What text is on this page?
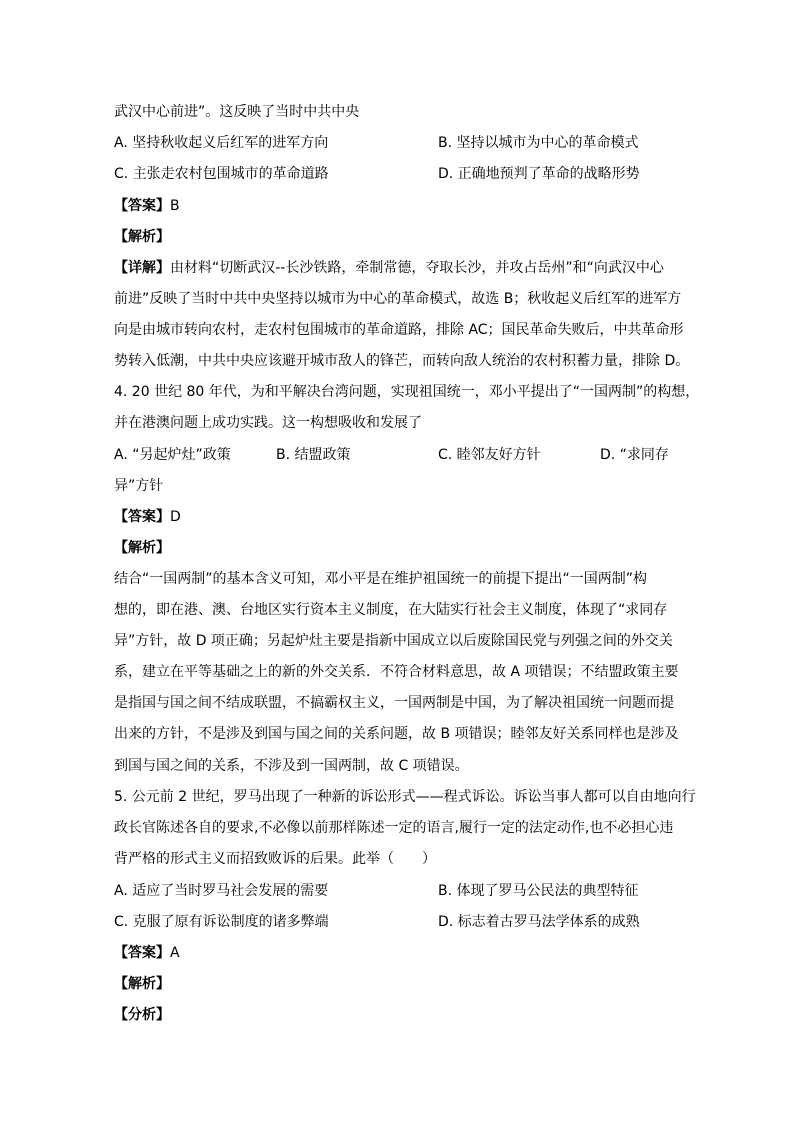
武汉中心前进”。这反映了当时中共中央
A. 坚持秋收起义后红军的进军方向	B. 坚持以城市为中心的革命模式
C. 主张走农村包围城市的革命道路	D. 正确地预判了革命的战略形势
【答案】B
【解析】
【详解】由材料“切断武汉--长沙铁路，牵制常德，夺取长沙，并攻占岳州”和“向武汉中心
前进”反映了当时中共中央坚持以城市为中心的革命模式，故选 B；秋收起义后红军的进军方
向是由城市转向农村，走农村包围城市的革命道路，排除 AC；国民革命失败后，中共革命形
势转入低潮，中共中央应该避开城市敌人的锋芒，而转向敌人统治的农村积蓄力量，排除 D。
4. 20 世纪 80 年代，为和平解决台湾问题，实现祖国统一，邓小平提出了“一国两制”的构想，
并在港澳问题上成功实践。这一构想吸收和发展了
A. “另起炉灶”政策	B. 结盟政策	C. 睦邻友好方针	D. “求同存
异”方针
【答案】D
【解析】
结合“一国两制”的基本含义可知，邓小平是在维护祖国统一的前提下提出“一国两制”构
想的，即在港、澳、台地区实行资本主义制度，在大陆实行社会主义制度，体现了“求同存
异”方针，故 D 项正确；另起炉灶主要是指新中国成立以后废除国民党与列强之间的外交关
系，建立在平等基础之上的新的外交关系．不符合材料意思，故 A 项错误；不结盟政策主要
是指国与国之间不结成联盟，不搞霸权主义，一国两制是中国，为了解决祖国统一问题而提
出来的方针，不是涉及到国与国之间的关系问题，故 B 项错误；睦邻友好关系同样也是涉及
到国与国之间的关系，不涉及到一国两制，故 C 项错误。
5. 公元前 2 世纪，罗马出现了一种新的诉讼形式——程式诉讼。诉讼当事人都可以自由地向行
政长官陈述各自的要求,不必像以前那样陈述一定的语言,履行一定的法定动作,也不必担心违
背严格的形式主义而招致败诉的后果。此举（　　）
A. 适应了当时罗马社会发展的需要	B. 体现了罗马公民法的典型特征
C. 克服了原有诉讼制度的诸多弊端	D. 标志着古罗马法学体系的成熟
【答案】A
【解析】
【分析】
